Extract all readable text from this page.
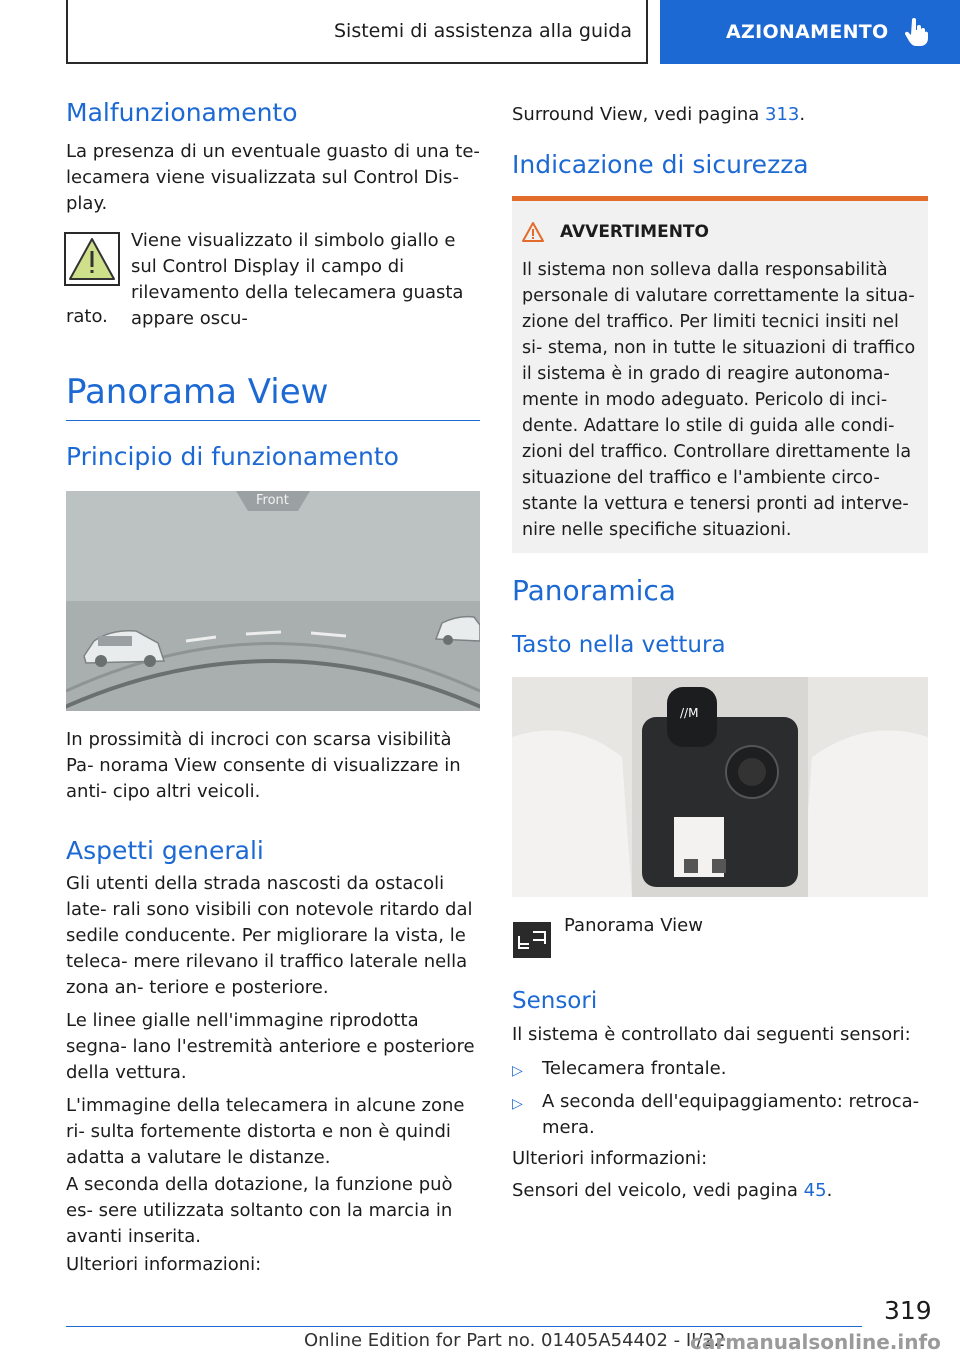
Sistemi di assistenza alla guida	AZIONAMENTO
Malfunzionamento

La presenza di un eventuale guasto di una te- lecamera viene visualizzata sul Control Dis- play.

Viene visualizzato il simbolo giallo e sul Control Display il campo di rilevamento della telecamera guasta appare oscu-

rato.

Panorama View
Principio di funzionamento
Front

In prossimità di incroci con scarsa visibilità Pa- norama View consente di visualizzare in anti- cipo altri veicoli.

Aspetti generali

Gli utenti della strada nascosti da ostacoli late- rali sono visibili con notevole ritardo dal sedile conducente. Per migliorare la vista, le teleca- mere rilevano il traffico laterale nella zona an- teriore e posteriore.

Le linee gialle nell'immagine riprodotta segna- lano l'estremità anteriore e posteriore della vettura.

L'immagine della telecamera in alcune zone ri- sulta fortemente distorta e non è quindi adatta a valutare le distanze.

A seconda della dotazione, la funzione può es- sere utilizzata soltanto con la marcia in avanti inserita.

Ulteriori informazioni:

Surround View, vedi pagina 313.

Indicazione di sicurezza
AVVERTIMENTO

Il sistema non solleva dalla responsabilità personale di valutare correttamente la situa- zione del traffico. Per limiti tecnici insiti nel si- stema, non in tutte le situazioni di traffico il sistema è in grado di reagire autonoma- mente in modo adeguato. Pericolo di inci- dente. Adattare lo stile di guida alle condi- zioni del traffico. Controllare direttamente la situazione del traffico e l'ambiente circo- stante la vettura e tenersi pronti ad interve- nire nelle specifiche situazioni.

Panoramica
Tasto nella vettura
//M

Panorama View

Sensori

Il sistema è controllato dai seguenti sensori:

▷	Telecamera frontale.
▷	A seconda dell'equipaggiamento: retroca- mera.

Ulteriori informazioni:

Sensori del veicolo, vedi pagina 45.

319
Online Edition for Part no. 01405A54402 - II/22
carmanualsonline.info
